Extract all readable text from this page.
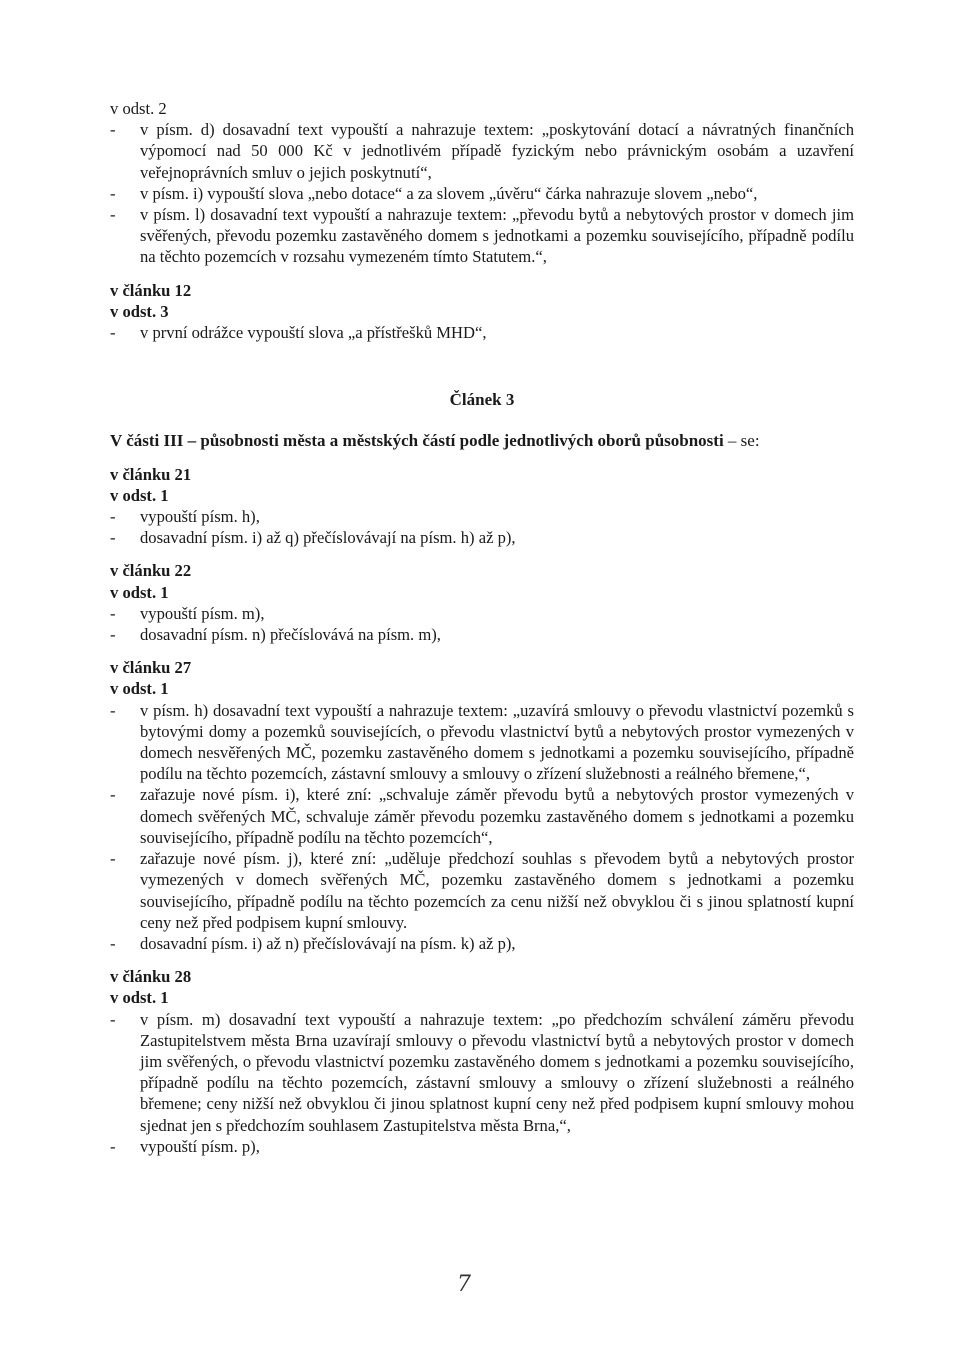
v odst. 2

- v písm. d) dosavadní text vypouští a nahrazuje textem: „poskytování dotací a návratných finančních výpomocí nad 50 000 Kč v jednotlivém případě fyzickým nebo právnickým osobám a uzavření veřejnoprávních smluv o jejich poskytnutí“,
- v písm. i) vypouští slova „nebo dotace“ a za slovem „úvěru“ čárka nahrazuje slovem „nebo“,
- v písm. l) dosavadní text vypouští a nahrazuje textem: „převodu bytů a nebytových prostor v domech jim svěřených, převodu pozemku zastavěného domem s jednotkami a pozemku souvisejícího, případně podílu na těchto pozemcích v rozsahu vymezeném tímto Statutem.“,

v článku 12

v odst. 3

- v první odrážce vypouští slova „a přístřešků MHD“,

Článek 3

V části III – působnosti města a městských částí podle jednotlivých oborů působnosti – se:

v článku 21

v odst. 1

- vypouští písm. h),
- dosavadní písm. i) až q) přečíslovávají na písm. h) až p),

v článku 22

v odst. 1

- vypouští písm. m),
- dosavadní písm. n) přečíslovává na písm. m),

v článku 27

v odst. 1

- v písm. h) dosavadní text vypouští a nahrazuje textem: „uzavírá smlouvy o převodu vlastnictví pozemků s bytovými domy a pozemků souvisejících, o převodu vlastnictví bytů a nebytových prostor vymezených v domech nesvěřených MČ, pozemku zastavěného domem s jednotkami a pozemku souvisejícího, případně podílu na těchto pozemcích, zástavní smlouvy a smlouvy o zřízení služebnosti a reálného břemene,“,
- zařazuje nové písm. i), které zní: „schvaluje záměr převodu bytů a nebytových prostor vymezených v domech svěřených MČ, schvaluje záměr převodu pozemku zastavěného domem s jednotkami a pozemku souvisejícího, případně podílu na těchto pozemcích“,
- zařazuje nové písm. j), které zní: „uděluje předchozí souhlas s převodem bytů a nebytových prostor vymezených v domech svěřených MČ, pozemku zastavěného domem s jednotkami a pozemku souvisejícího, případně podílu na těchto pozemcích za cenu nižší než obvyklou či s jinou splatností kupní ceny než před podpisem kupní smlouvy.
- dosavadní písm. i) až n) přečíslovávají na písm. k) až p),

v článku 28

v odst. 1

- v písm. m) dosavadní text vypouští a nahrazuje textem: „po předchozím schválení záměru převodu Zastupitelstvem města Brna uzavírají smlouvy o převodu vlastnictví bytů a nebytových prostor v domech jim svěřených, o převodu vlastnictví pozemku zastavěného domem s jednotkami a pozemku souvisejícího, případně podílu na těchto pozemcích, zástavní smlouvy a smlouvy o zřízení služebnosti a reálného břemene; ceny nižší než obvyklou či jinou splatnost kupní ceny než před podpisem kupní smlouvy mohou sjednat jen s předchozím souhlasem Zastupitelstva města Brna,“,
- vypouští písm. p),
7
